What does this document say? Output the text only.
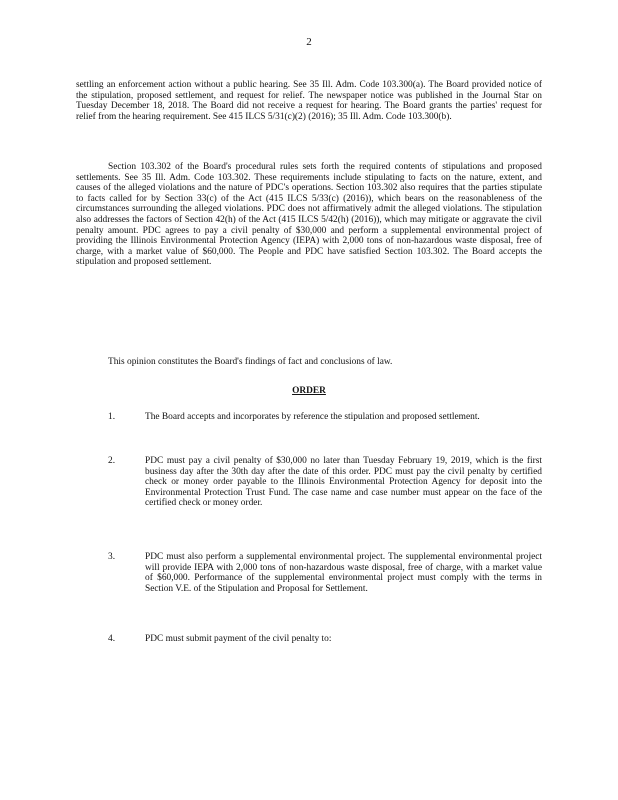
2

settling an enforcement action without a public hearing. See 35 Ill. Adm. Code 103.300(a). The Board provided notice of the stipulation, proposed settlement, and request for relief. The newspaper notice was published in the Journal Star on Tuesday December 18, 2018. The Board did not receive a request for hearing. The Board grants the parties' request for relief from the hearing requirement. See 415 ILCS 5/31(c)(2) (2016); 35 Ill. Adm. Code 103.300(b).

Section 103.302 of the Board's procedural rules sets forth the required contents of stipulations and proposed settlements. See 35 Ill. Adm. Code 103.302. These requirements include stipulating to facts on the nature, extent, and causes of the alleged violations and the nature of PDC's operations. Section 103.302 also requires that the parties stipulate to facts called for by Section 33(c) of the Act (415 ILCS 5/33(c) (2016)), which bears on the reasonableness of the circumstances surrounding the alleged violations. PDC does not affirmatively admit the alleged violations. The stipulation also addresses the factors of Section 42(h) of the Act (415 ILCS 5/42(h) (2016)), which may mitigate or aggravate the civil penalty amount. PDC agrees to pay a civil penalty of $30,000 and perform a supplemental environmental project of providing the Illinois Environmental Protection Agency (IEPA) with 2,000 tons of non-hazardous waste disposal, free of charge, with a market value of $60,000. The People and PDC have satisfied Section 103.302. The Board accepts the stipulation and proposed settlement.

This opinion constitutes the Board's findings of fact and conclusions of law.

ORDER
1.	The Board accepts and incorporates by reference the stipulation and proposed settlement.
2.	PDC must pay a civil penalty of $30,000 no later than Tuesday February 19, 2019, which is the first business day after the 30th day after the date of this order. PDC must pay the civil penalty by certified check or money order payable to the Illinois Environmental Protection Agency for deposit into the Environmental Protection Trust Fund. The case name and case number must appear on the face of the certified check or money order.
3.	PDC must also perform a supplemental environmental project. The supplemental environmental project will provide IEPA with 2,000 tons of non-hazardous waste disposal, free of charge, with a market value of $60,000. Performance of the supplemental environmental project must comply with the terms in Section V.E. of the Stipulation and Proposal for Settlement.
4.	PDC must submit payment of the civil penalty to:
